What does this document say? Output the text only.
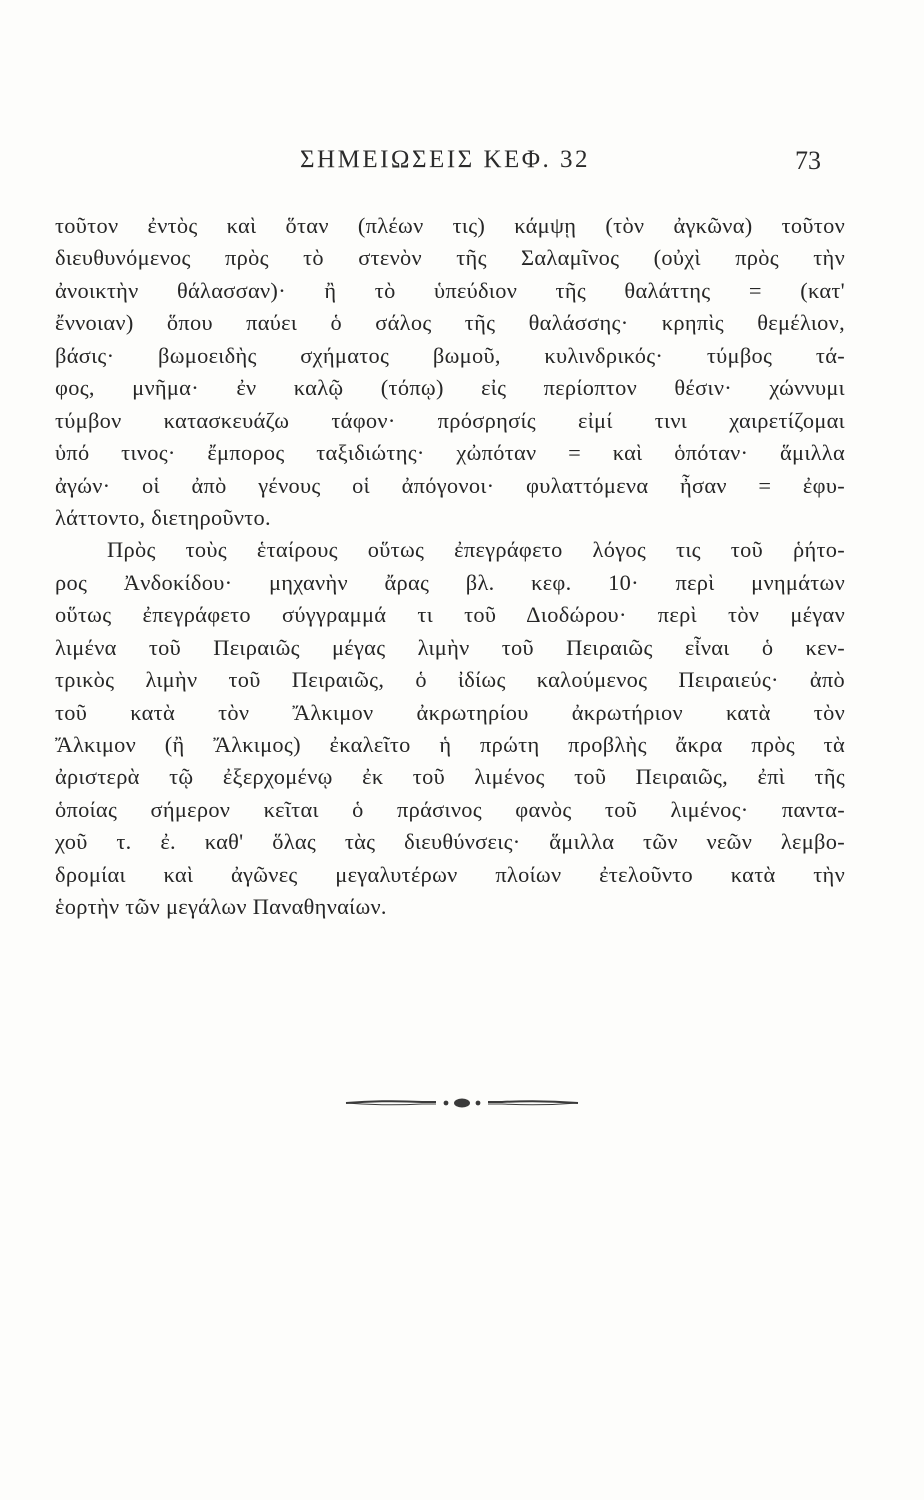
ΣΗΜΕΙΩΣΕΙΣ ΚΕΦ. 32	73
τοῦτον ἐντὸς καὶ ὅταν (πλέων τις) κάμψῃ (τὸν ἀγκῶνα) τοῦτον
διευθυνόμενος πρὸς τὸ στενὸν τῆς Σαλαμῖνος (οὐχὶ πρὸς τὴν
ἀνοικτὴν θάλασσαν)· ἢ τὸ ὑπεύδιον τῆς θαλάττης = (κατ'
ἔννοιαν) ὅπου παύει ὁ σάλος τῆς θαλάσσης· κρηπὶς θεμέλιον,
βάσις· βωμοειδὴς σχήματος βωμοῦ, κυλινδρικός· τύμβος τά-
φος, μνῆμα· ἐν καλῷ (τόπῳ) εἰς περίοπτον θέσιν· χώννυμι
τύμβον κατασκευάζω τάφον· πρόσρησίς εἰμί τινι χαιρετίζομαι
ὑπό τινος· ἔμπορος ταξιδιώτης· χὠπόταν = καὶ ὁπόταν· ἅμιλλα
ἀγών· οἱ ἀπὸ γένους οἱ ἀπόγονοι· φυλαττόμενα ἦσαν = ἐφυ-
λάττοντο, διετηροῦντο.
Πρὸς τοὺς ἑταίρους οὕτως ἐπεγράφετο λόγος τις τοῦ ῥήτο-
ρος Ἀνδοκίδου· μηχανὴν ἄρας βλ. κεφ. 10· περὶ μνημάτων
οὕτως ἐπεγράφετο σύγγραμμά τι τοῦ Διοδώρου· περὶ τὸν μέγαν
λιμένα τοῦ Πειραιῶς μέγας λιμὴν τοῦ Πειραιῶς εἶναι ὁ κεν-
τρικὸς λιμὴν τοῦ Πειραιῶς, ὁ ἰδίως καλούμενος Πειραιεύς· ἀπὸ
τοῦ κατὰ τὸν Ἄλκιμον ἀκρωτηρίου ἀκρωτήριον κατὰ τὸν
Ἄλκιμον (ἢ Ἄλκιμος) ἐκαλεῖτο ἡ πρώτη προβλὴς ἄκρα πρὸς τὰ
ἀριστερὰ τῷ ἐξερχομένῳ ἐκ τοῦ λιμένος τοῦ Πειραιῶς, ἐπὶ τῆς
ὁποίας σήμερον κεῖται ὁ πράσινος φανὸς τοῦ λιμένος· παντα-
χοῦ τ. ἐ. καθ' ὅλας τὰς διευθύνσεις· ἅμιλλα τῶν νεῶν λεμβο-
δρομίαι καὶ ἀγῶνες μεγαλυτέρων πλοίων ἐτελοῦντο κατὰ τὴν
ἑορτὴν τῶν μεγάλων Παναθηναίων.
